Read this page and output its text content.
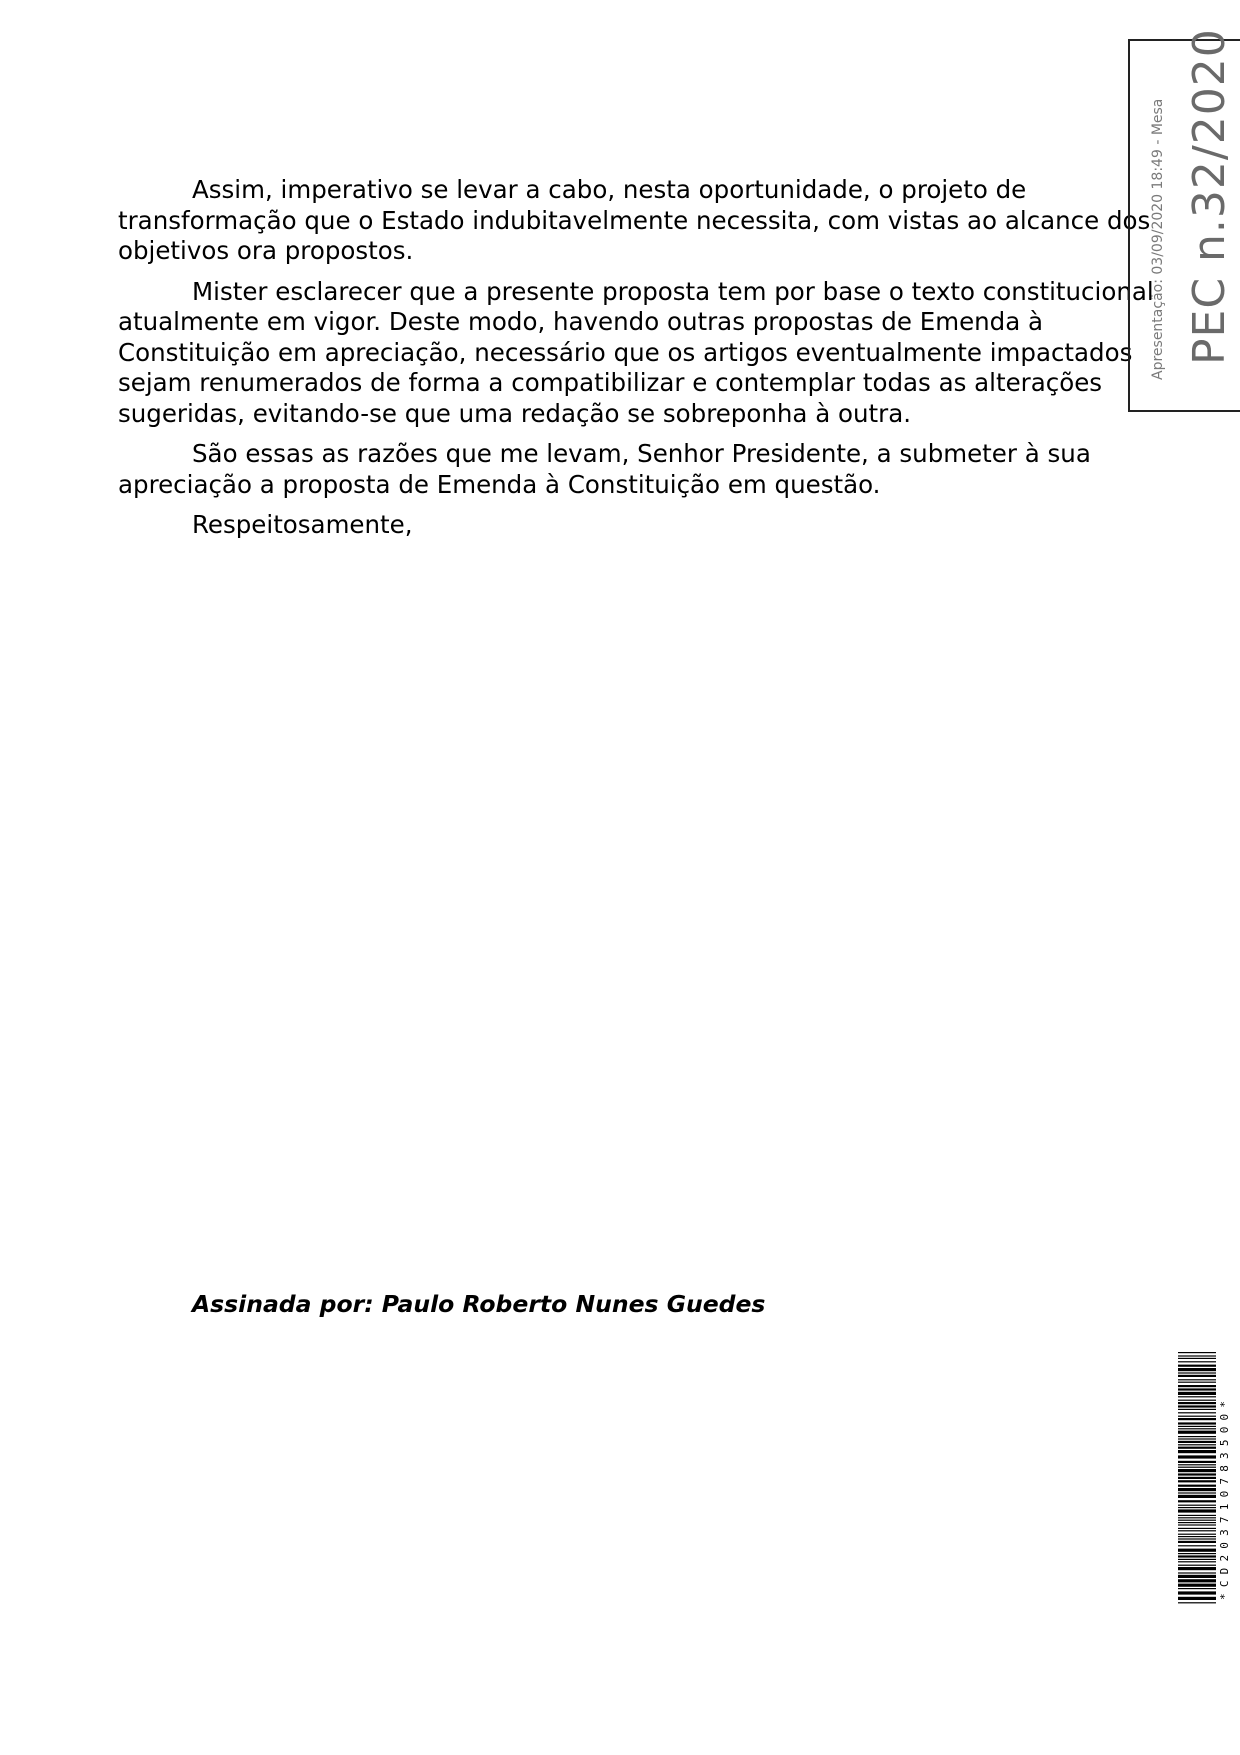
Assim, imperativo se levar a cabo, nesta oportunidade, o projeto de transformação que o Estado indubitavelmente necessita, com vistas ao alcance dos objetivos ora propostos.

Mister esclarecer que a presente proposta tem por base o texto constitucional atualmente em vigor. Deste modo, havendo outras propostas de Emenda à Constituição em apreciação, necessário que os artigos eventualmente impactados sejam renumerados de forma a compatibilizar e contemplar todas as alterações sugeridas, evitando-se que uma redação se sobreponha à outra.

São essas as razões que me levam, Senhor Presidente, a submeter à sua apreciação a proposta de Emenda à Constituição em questão.

Respeitosamente,

Assinada por: Paulo Roberto Nunes Guedes
Apresentação: 03/09/2020 18:49 - Mesa PEC n.32/2020
*CD203710783500*
